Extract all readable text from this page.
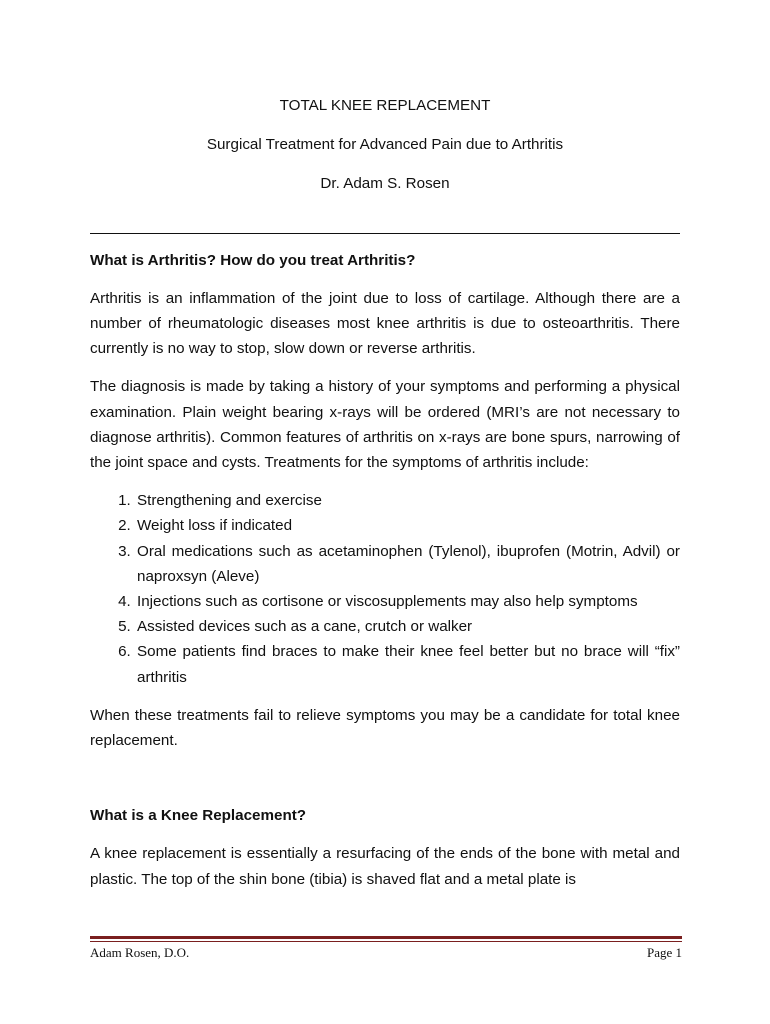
TOTAL KNEE REPLACEMENT

Surgical Treatment for Advanced Pain due to Arthritis

Dr. Adam S. Rosen

What is Arthritis? How do you treat Arthritis?

Arthritis is an inflammation of the joint due to loss of cartilage. Although there are a number of rheumatologic diseases most knee arthritis is due to osteoarthritis. There currently is no way to stop, slow down or reverse arthritis.

The diagnosis is made by taking a history of your symptoms and performing a physical examination. Plain weight bearing x-rays will be ordered (MRI’s are not necessary to diagnose arthritis). Common features of arthritis on x-rays are bone spurs, narrowing of the joint space and cysts. Treatments for the symptoms of arthritis include:

1. Strengthening and exercise
2. Weight loss if indicated
3. Oral medications such as acetaminophen (Tylenol), ibuprofen (Motrin, Advil) or naproxsyn (Aleve)
4. Injections such as cortisone or viscosupplements may also help symptoms
5. Assisted devices such as a cane, crutch or walker
6. Some patients find braces to make their knee feel better but no brace will “fix” arthritis

When these treatments fail to relieve symptoms you may be a candidate for total knee replacement.

What is a Knee Replacement?

A knee replacement is essentially a resurfacing of the ends of the bone with metal and plastic. The top of the shin bone (tibia) is shaved flat and a metal plate is

Adam Rosen, D.O.	Page 1
